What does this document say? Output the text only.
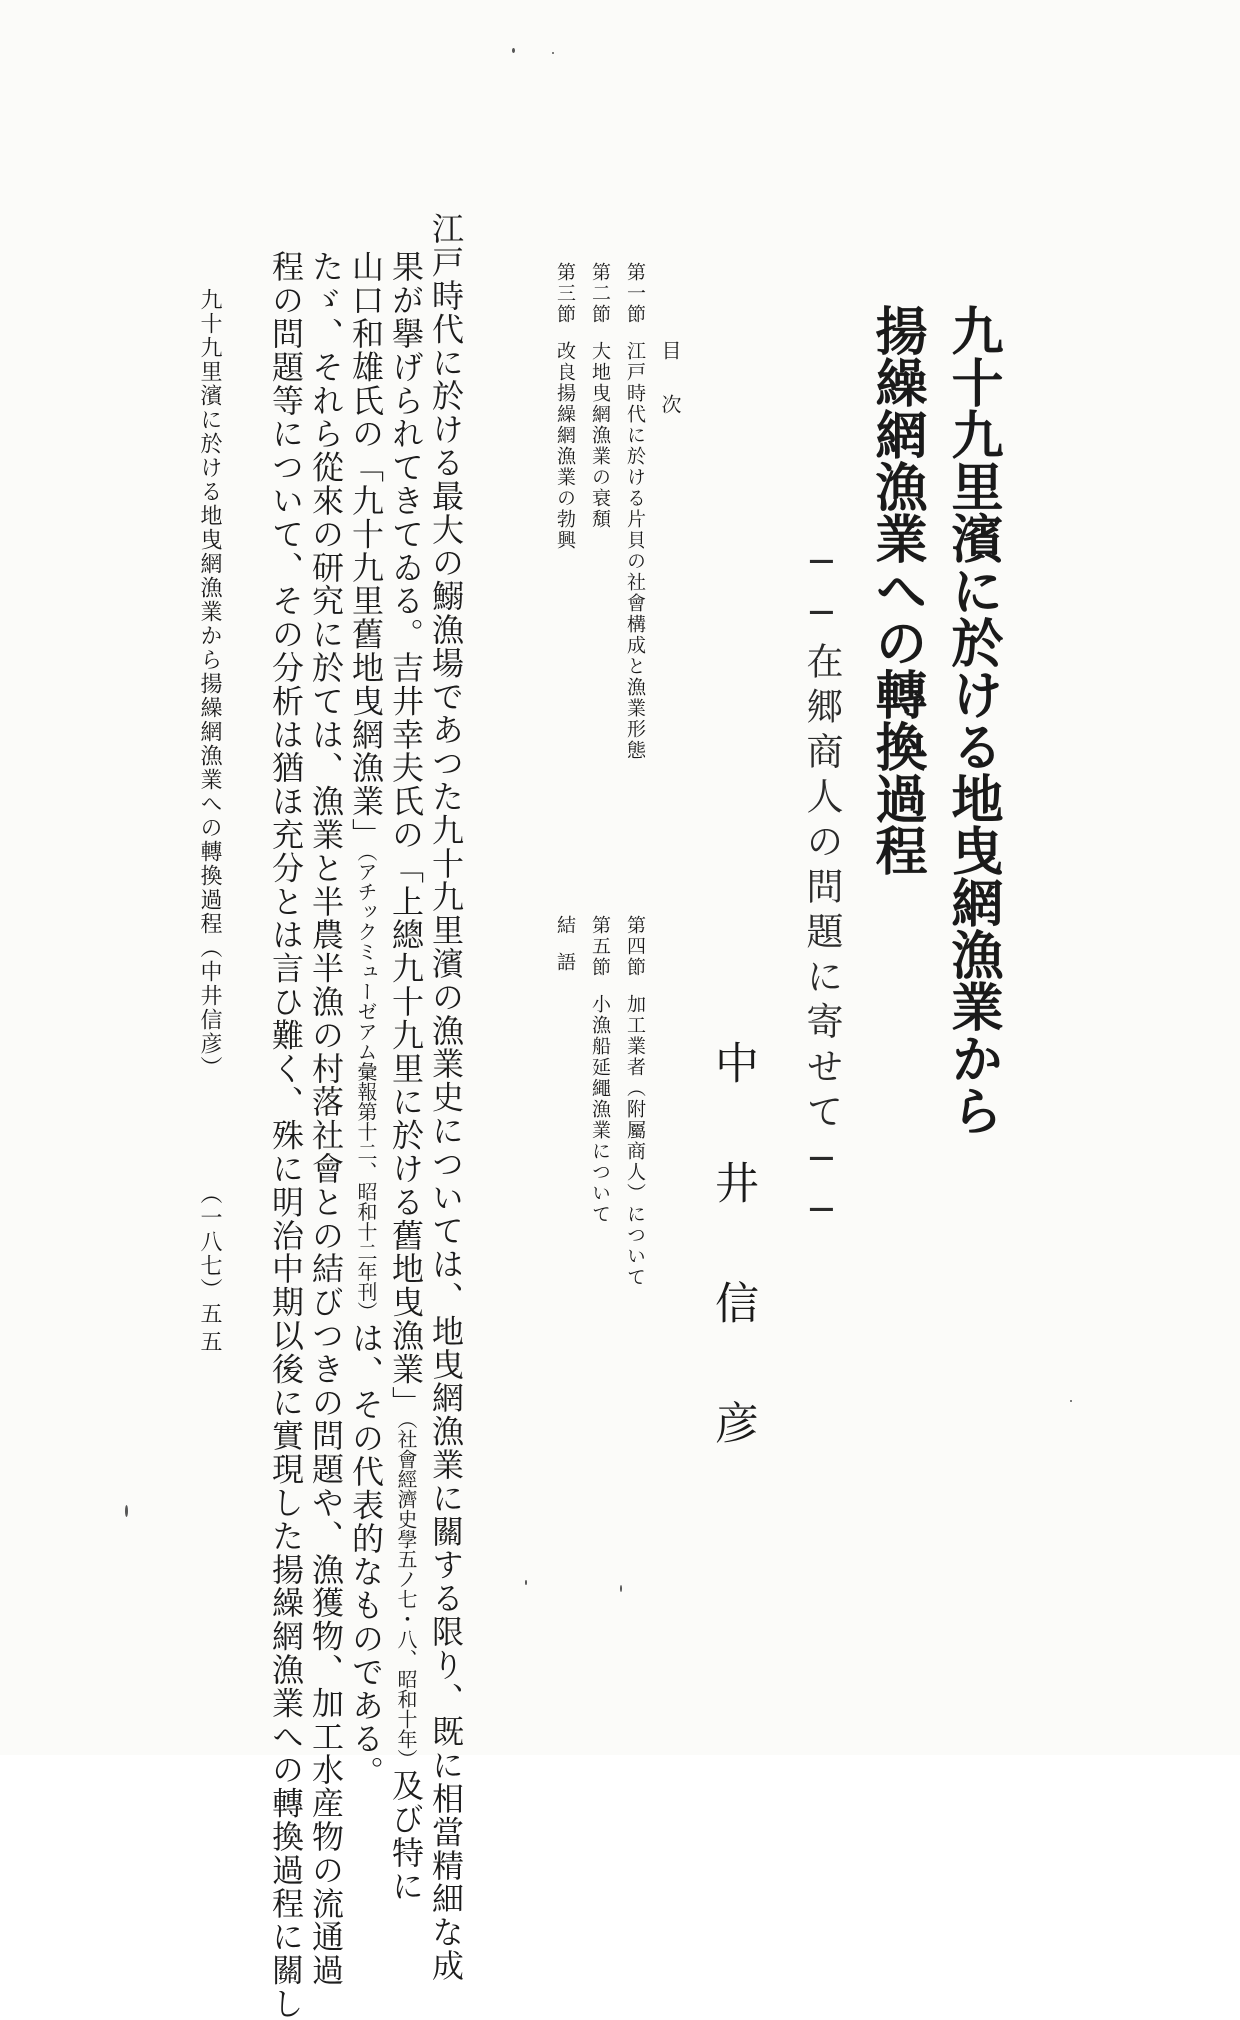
九十九里濱に於ける地曳網漁業から
揚繰網漁業への轉換過程
──在郷商人の問題に寄せて──
中井信彦
目次
第一節江戸時代に於ける片貝の社會構成と漁業形態
第二節大地曳網漁業の衰頽
第三節改良揚繰網漁業の勃興
第四節加工業者（附屬商人）について
第五節小漁船延繩漁業について
結語
江戸時代に於ける最大の鰯漁場であつた九十九里濱の漁業史については、地曳網漁業に關する限り、既に相當精細な成
果が擧げられてきてゐる。吉井幸夫氏の「上總九十九里に於ける舊地曳漁業」（社會經濟史學五ノ七・八、昭和十年）及び特に
山口和雄氏の「九十九里舊地曳網漁業」（アチックミューゼアム彙報第十二、昭和十二年刊）は、その代表的なものである。
たゞ、それら從來の研究に於ては、漁業と半農半漁の村落社會との結びつきの問題や、漁獲物、加工水産物の流通過
程の問題等について、その分析は猶ほ充分とは言ひ難く、殊に明治中期以後に實現した揚繰網漁業への轉換過程に關し
九十九里濱に於ける地曳網漁業から揚繰網漁業への轉換過程（中井信彦）
（一八七）
五五
